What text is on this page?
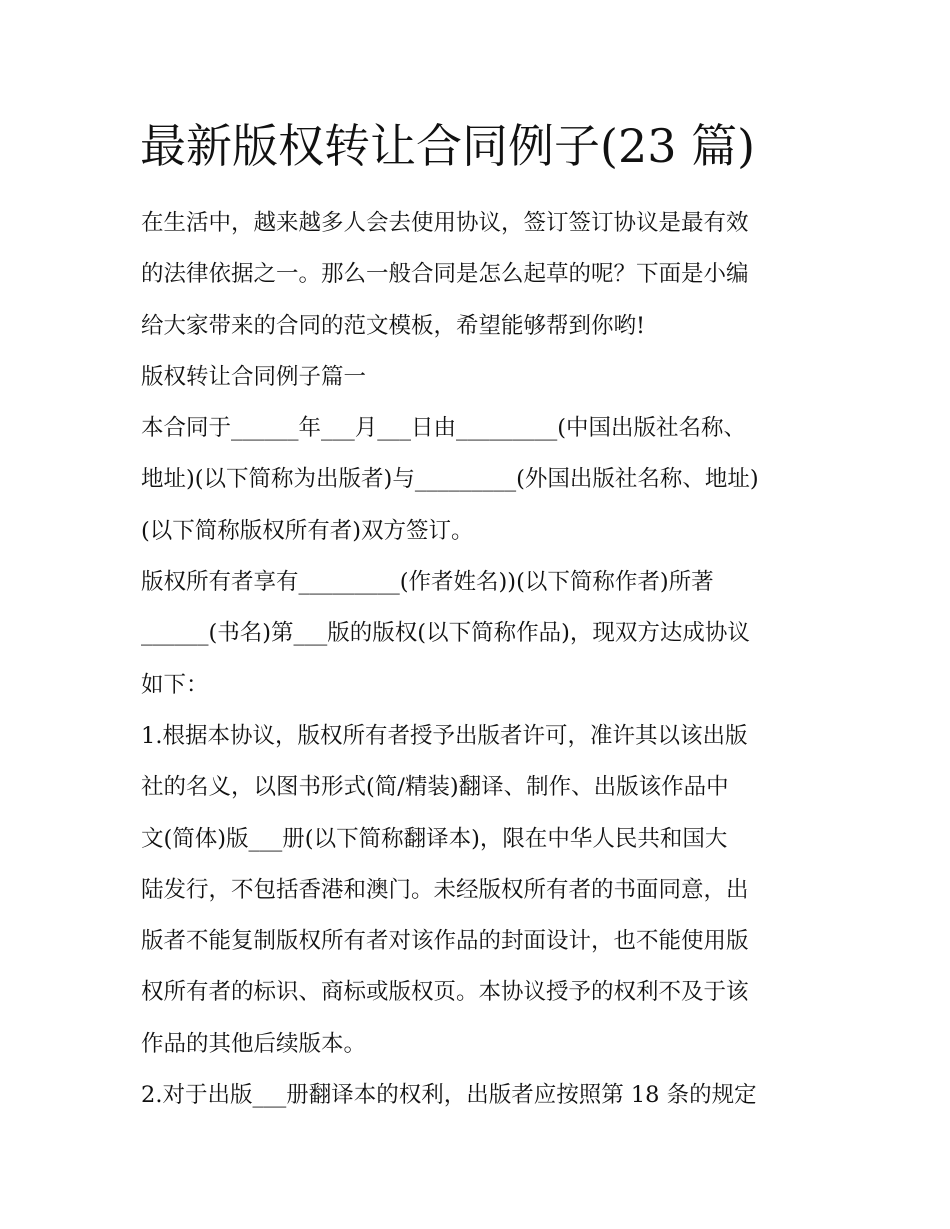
最新版权转让合同例子(23 篇)
在生活中，越来越多人会去使用协议，签订签订协议是最有效
的法律依据之一。那么一般合同是怎么起草的呢？下面是小编
给大家带来的合同的范文模板，希望能够帮到你哟!
版权转让合同例子篇一
本合同于______年___月___日由_________(中国出版社名称、
地址)(以下简称为出版者)与_________(外国出版社名称、地址)
(以下简称版权所有者)双方签订。
版权所有者享有_________(作者姓名))(以下简称作者)所著
______(书名)第___版的版权(以下简称作品)，现双方达成协议
如下：
1.根据本协议，版权所有者授予出版者许可，准许其以该出版
社的名义，以图书形式(简/精装)翻译、制作、出版该作品中
文(简体)版___册(以下简称翻译本)，限在中华人民共和国大
陆发行，不包括香港和澳门。未经版权所有者的书面同意，出
版者不能复制版权所有者对该作品的封面设计，也不能使用版
权所有者的标识、商标或版权页。本协议授予的权利不及于该
作品的其他后续版本。
2.对于出版___册翻译本的权利，出版者应按照第 18 条的规定
